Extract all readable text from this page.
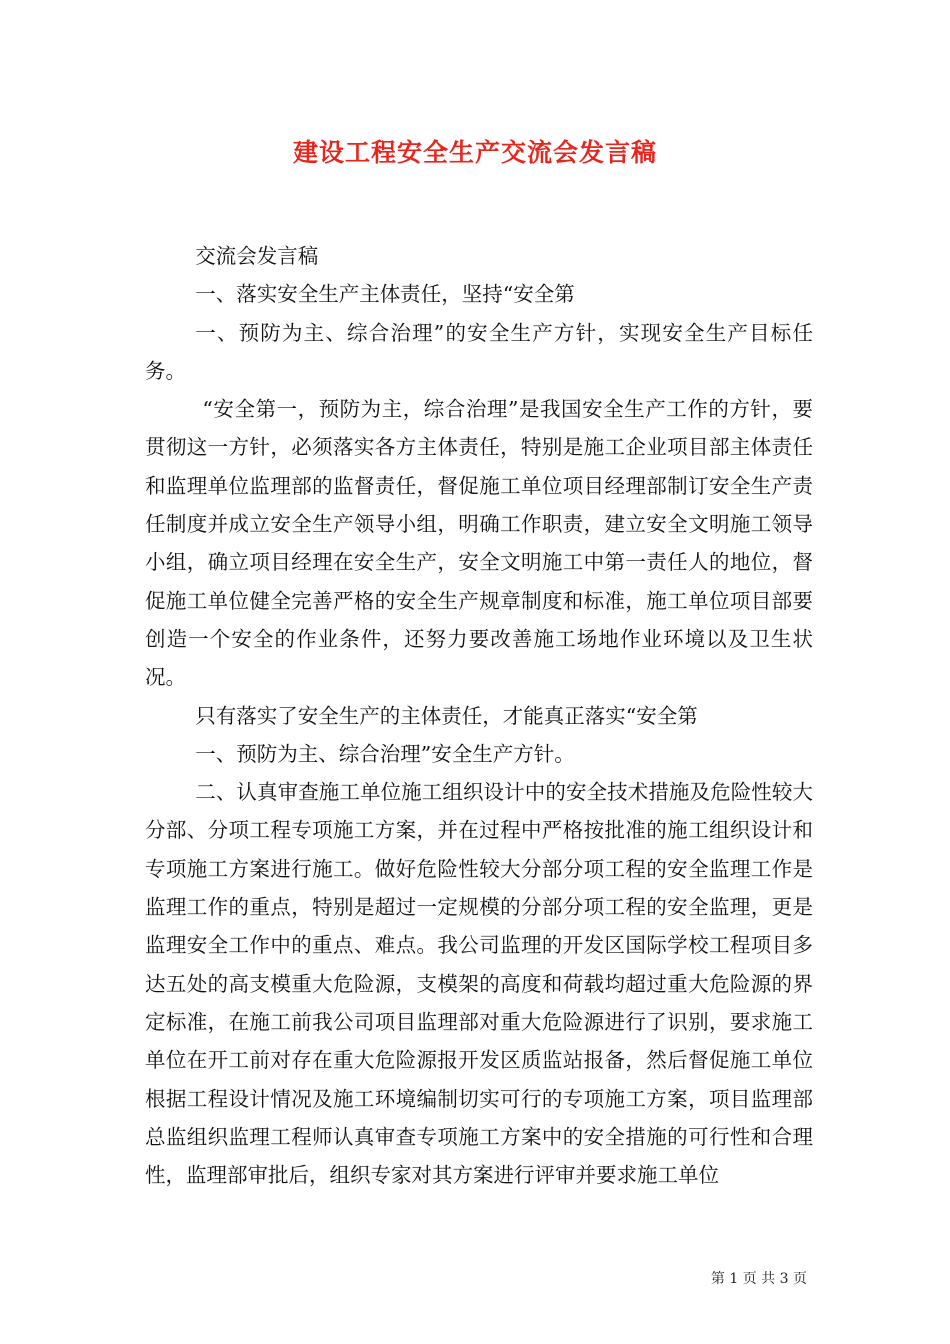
建设工程安全生产交流会发言稿

交流会发言稿

一、落实安全生产主体责任，坚持“安全第

一、预防为主、综合治理”的安全生产方针，实现安全生产目标任务。

“安全第一，预防为主，综合治理”是我国安全生产工作的方针，要贯彻这一方针，必须落实各方主体责任，特别是施工企业项目部主体责任和监理单位监理部的监督责任，督促施工单位项目经理部制订安全生产责任制度并成立安全生产领导小组，明确工作职责，建立安全文明施工领导小组，确立项目经理在安全生产，安全文明施工中第一责任人的地位，督促施工单位健全完善严格的安全生产规章制度和标准，施工单位项目部要创造一个安全的作业条件，还努力要改善施工场地作业环境以及卫生状况。

只有落实了安全生产的主体责任，才能真正落实“安全第

一、预防为主、综合治理”安全生产方针。

二、认真审查施工单位施工组织设计中的安全技术措施及危险性较大分部、分项工程专项施工方案，并在过程中严格按批准的施工组织设计和专项施工方案进行施工。做好危险性较大分部分项工程的安全监理工作是监理工作的重点，特别是超过一定规模的分部分项工程的安全监理，更是监理安全工作中的重点、难点。我公司监理的开发区国际学校工程项目多达五处的高支模重大危险源，支模架的高度和荷载均超过重大危险源的界定标准，在施工前我公司项目监理部对重大危险源进行了识别，要求施工单位在开工前对存在重大危险源报开发区质监站报备，然后督促施工单位根据工程设计情况及施工环境编制切实可行的专项施工方案，项目监理部总监组织监理工程师认真审查专项施工方案中的安全措施的可行性和合理性，监理部审批后，组织专家对其方案进行评审并要求施工单位

第 1 页 共 3 页
